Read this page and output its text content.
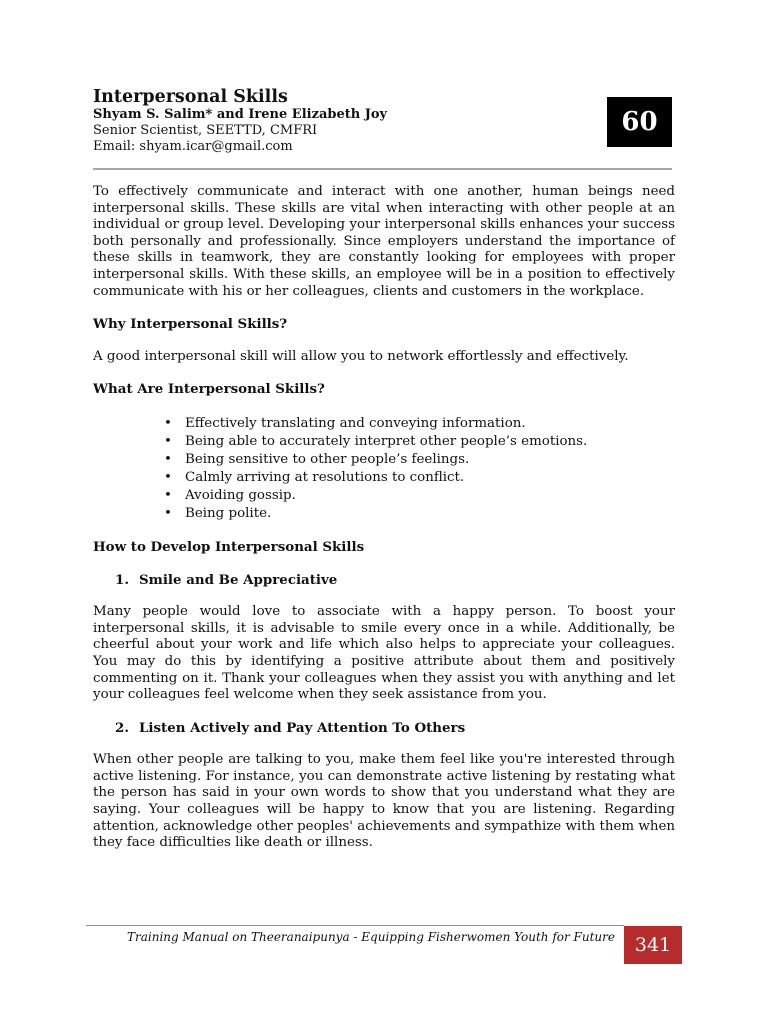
Interpersonal Skills
Shyam S. Salim* and Irene Elizabeth Joy
Senior Scientist, SEETTD, CMFRI
Email: shyam.icar@gmail.com
60

To effectively communicate and interact with one another, human beings need interpersonal skills. These skills are vital when interacting with other people at an individual or group level. Developing your interpersonal skills enhances your success both personally and professionally. Since employers understand the importance of these skills in teamwork, they are constantly looking for employees with proper interpersonal skills. With these skills, an employee will be in a position to effectively communicate with his or her colleagues, clients and customers in the workplace.

Why Interpersonal Skills?

A good interpersonal skill will allow you to network effortlessly and effectively.

What Are Interpersonal Skills?
• Effectively translating and conveying information.
• Being able to accurately interpret other people’s emotions.
• Being sensitive to other people’s feelings.
• Calmly arriving at resolutions to conflict.
• Avoiding gossip.
• Being polite.
How to Develop Interpersonal Skills
1. Smile and Be Appreciative

Many people would love to associate with a happy person. To boost your interpersonal skills, it is advisable to smile every once in a while. Additionally, be cheerful about your work and life which also helps to appreciate your colleagues. You may do this by identifying a positive attribute about them and positively commenting on it. Thank your colleagues when they assist you with anything and let your colleagues feel welcome when they seek assistance from you.

2. Listen Actively and Pay Attention To Others

When other people are talking to you, make them feel like you're interested through active listening. For instance, you can demonstrate active listening by restating what the person has said in your own words to show that you understand what they are saying. Your colleagues will be happy to know that you are listening. Regarding attention, acknowledge other peoples' achievements and sympathize with them when they face difficulties like death or illness.

Training Manual on Theeranaipunya - Equipping Fisherwomen Youth for Future	341
